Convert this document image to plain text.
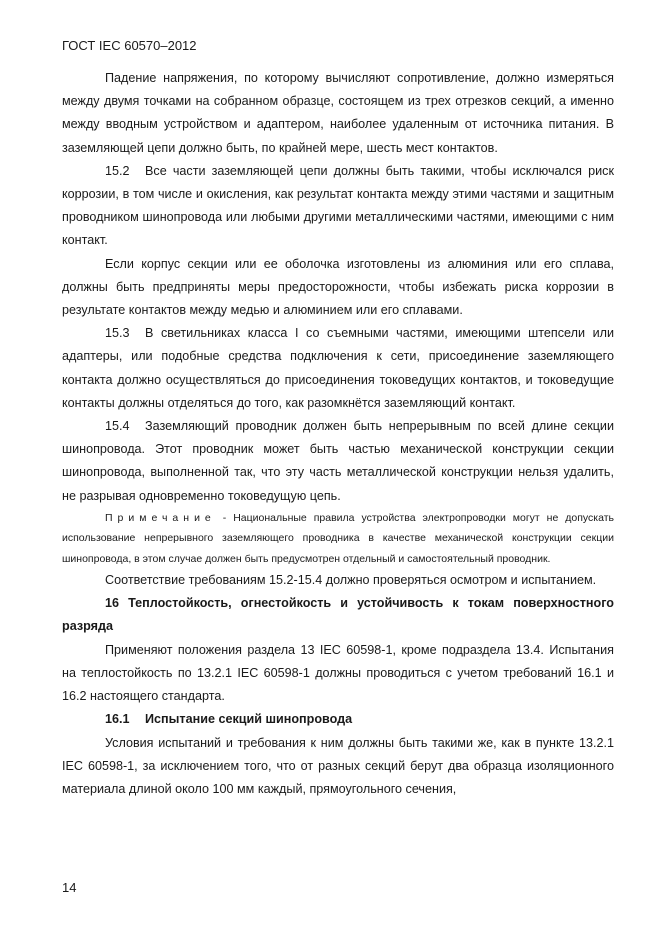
ГОСТ IEC 60570–2012

Падение напряжения, по которому вычисляют сопротивление, должно измеряться между двумя точками на собранном образце, состоящем из трех отрезков секций, а именно между вводным устройством и адаптером, наиболее удаленным от источника питания. В заземляющей цепи должно быть, по крайней мере, шесть мест контактов.

15.2 Все части заземляющей цепи должны быть такими, чтобы исключался риск коррозии, в том числе и окисления, как результат контакта между этими частями и защитным проводником шинопровода или любыми другими металлическими частями, имеющими с ним контакт.

Если корпус секции или ее оболочка изготовлены из алюминия или его сплава, должны быть предприняты меры предосторожности, чтобы избежать риска коррозии в результате контактов между медью и алюминием или его сплавами.

15.3 В светильниках класса I со съемными частями, имеющими штепсели или адаптеры, или подобные средства подключения к сети, присоединение заземляющего контакта должно осуществляться до присоединения токоведущих контактов, и токоведущие контакты должны отделяться до того, как разомкнётся заземляющий контакт.

15.4 Заземляющий проводник должен быть непрерывным по всей длине секции шинопровода. Этот проводник может быть частью механической конструкции секции шинопровода, выполненной так, что эту часть металлической конструкции нельзя удалить, не разрывая одновременно токоведущую цепь.

Примечание - Национальные правила устройства электропроводки могут не допускать использование непрерывного заземляющего проводника в качестве механической конструкции секции шинопровода, в этом случае должен быть предусмотрен отдельный и самостоятельный проводник.

Соответствие требованиям 15.2-15.4 должно проверяться осмотром и испытанием.

16 Теплостойкость, огнестойкость и устойчивость к токам поверхностного разряда

Применяют положения раздела 13 IEC 60598-1, кроме подраздела 13.4. Испытания на теплостойкость по 13.2.1 IEC 60598-1 должны проводиться с учетом требований 16.1 и 16.2 настоящего стандарта.

16.1 Испытание секций шинопровода

Условия испытаний и требования к ним должны быть такими же, как в пункте 13.2.1 IEC 60598-1, за исключением того, что от разных секций берут два образца изоляционного материала длиной около 100 мм каждый, прямоугольного сечения,

14
